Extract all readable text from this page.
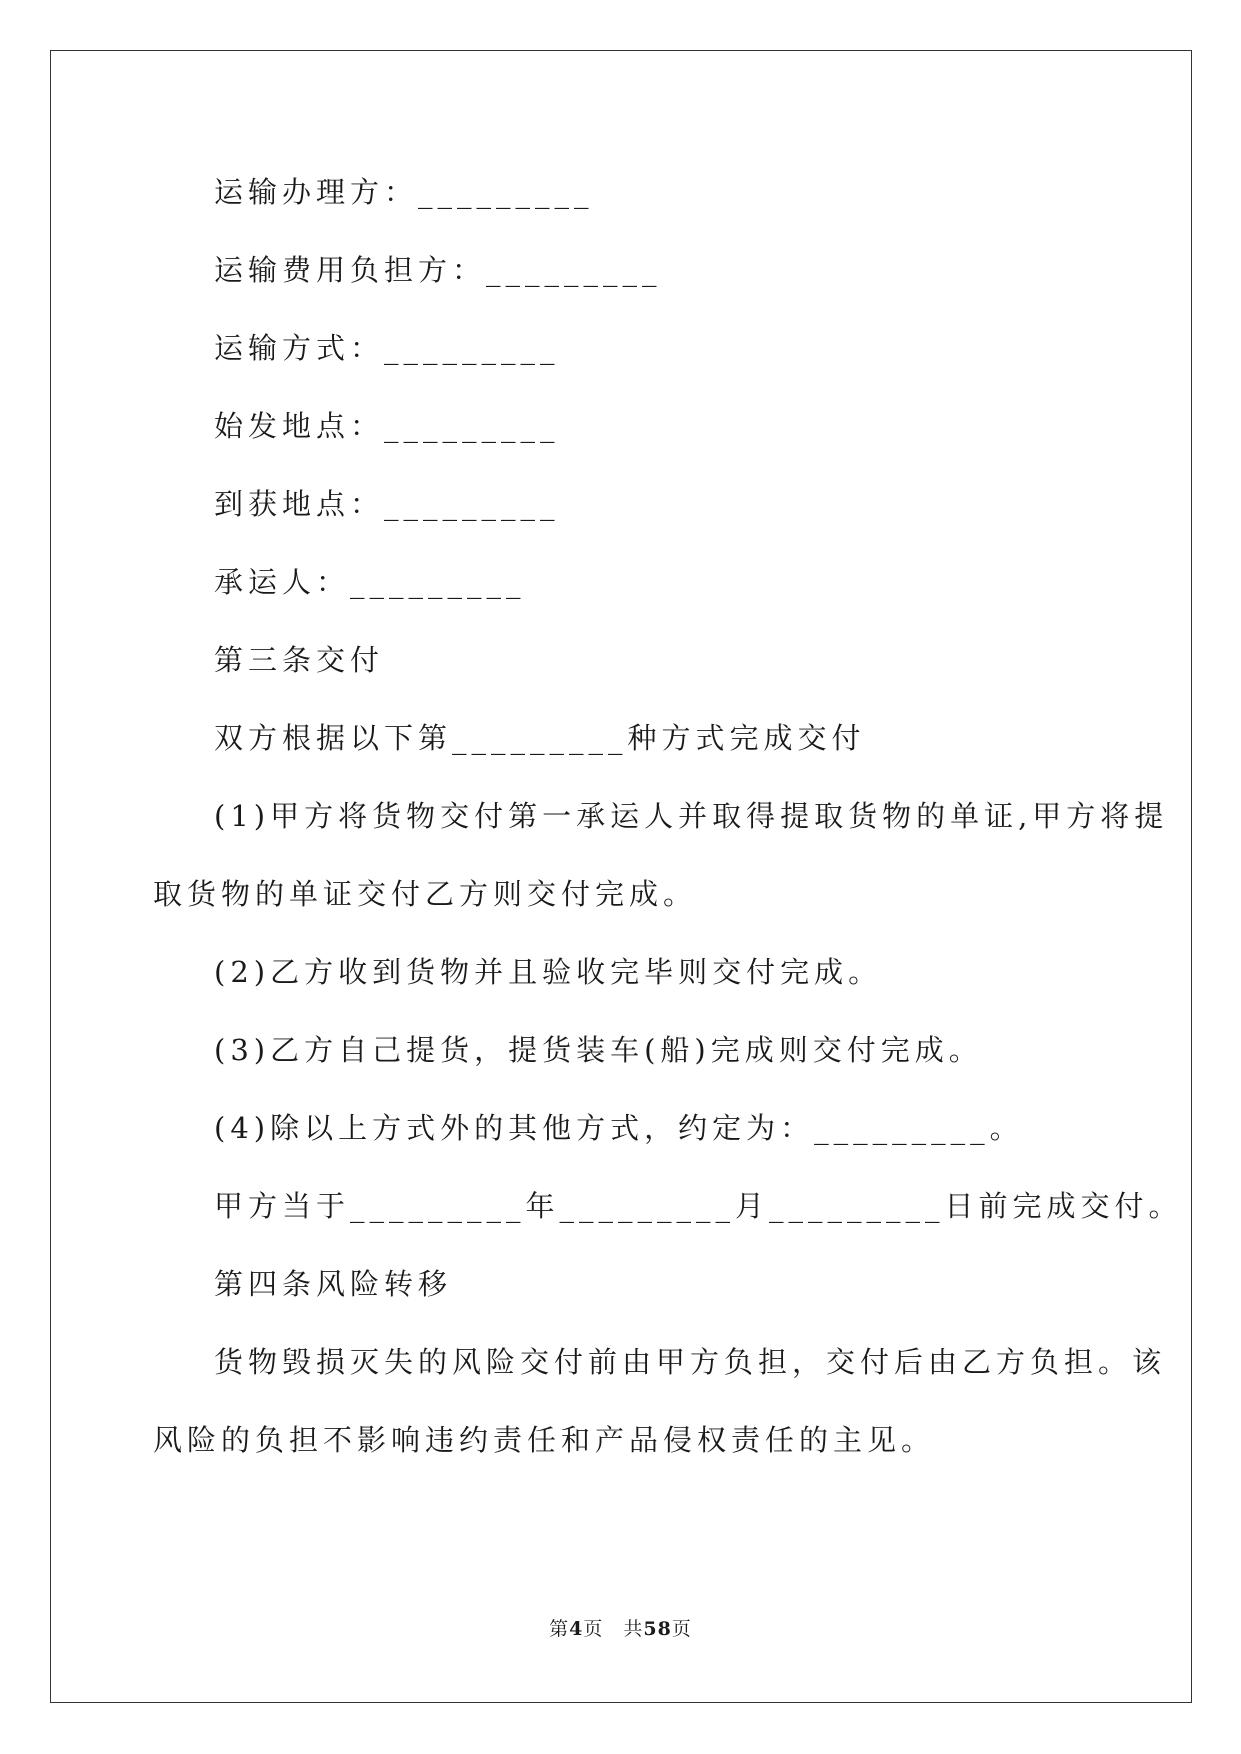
运输办理方：_________
运输费用负担方：_________
运输方式：_________
始发地点：_________
到获地点：_________
承运人：_________
第三条交付
双方根据以下第_________种方式完成交付
(1)甲方将货物交付第一承运人并取得提取货物的单证,甲方将提
取货物的单证交付乙方则交付完成。
(2)乙方收到货物并且验收完毕则交付完成。
(3)乙方自己提货，提货装车(船)完成则交付完成。
(4)除以上方式外的其他方式，约定为：_________。
甲方当于_________年_________月_________日前完成交付。
第四条风险转移
货物毁损灭失的风险交付前由甲方负担，交付后由乙方负担。该
风险的负担不影响违约责任和产品侵权责任的主见。
第4页　共58页
